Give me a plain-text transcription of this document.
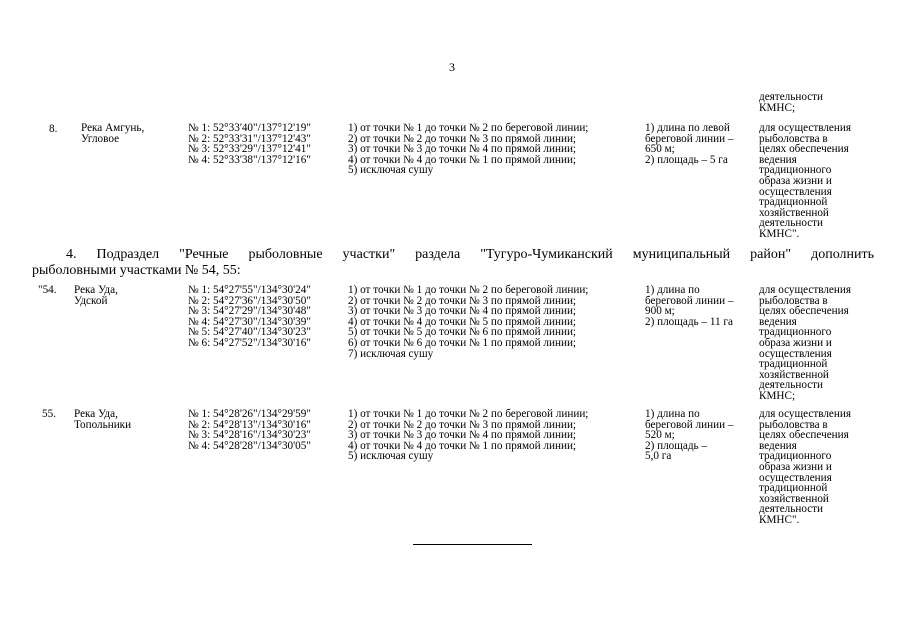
3
деятельности
КМНС;
8. Река Амгунь,
Угловое
№ 1: 52°33'40"/137°12'19"
№ 2: 52°33'31"/137°12'43"
№ 3: 52°33'29"/137°12'41"
№ 4: 52°33'38"/137°12'16"
1) от точки № 1 до точки № 2 по береговой линии;
2) от точки № 2 до точки № 3 по прямой линии;
3) от точки № 3 до точки № 4 по прямой линии;
4) от точки № 4 до точки № 1 по прямой линии;
5) исключая сушу
1) длина по левой
береговой линии –
650 м;
2) площадь – 5 га
для осуществления
рыболовства в
целях обеспечения
ведения
традиционного
образа жизни и
осуществления
традиционной
хозяйственной
деятельности
КМНС".
4. Подраздел "Речные рыболовные участки" раздела "Тугуро-Чумиканский муниципальный район" дополнить
рыболовными участками № 54, 55:
"54. Река Уда,
Удской
№ 1: 54°27'55"/134°30'24"
№ 2: 54°27'36"/134°30'50"
№ 3: 54°27'29"/134°30'48"
№ 4: 54°27'30"/134°30'39"
№ 5: 54°27'40"/134°30'23"
№ 6: 54°27'52"/134°30'16"
1) от точки № 1 до точки № 2 по береговой линии;
2) от точки № 2 до точки № 3 по прямой линии;
3) от точки № 3 до точки № 4 по прямой линии;
4) от точки № 4 до точки № 5 по прямой линии;
5) от точки № 5 до точки № 6 по прямой линии;
6) от точки № 6 до точки № 1 по прямой линии;
7) исключая сушу
1) длина по
береговой линии –
900 м;
2) площадь – 11 га
для осуществления
рыболовства в
целях обеспечения
ведения
традиционного
образа жизни и
осуществления
традиционной
хозяйственной
деятельности
КМНС;
55. Река Уда,
Топольники
№ 1: 54°28'26"/134°29'59"
№ 2: 54°28'13"/134°30'16"
№ 3: 54°28'16"/134°30'23"
№ 4: 54°28'28"/134°30'05"
1) от точки № 1 до точки № 2 по береговой линии;
2) от точки № 2 до точки № 3 по прямой линии;
3) от точки № 3 до точки № 4 по прямой линии;
4) от точки № 4 до точки № 1 по прямой линии;
5) исключая сушу
1) длина по
береговой линии –
520 м;
2) площадь –
5,0 га
для осуществления
рыболовства в
целях обеспечения
ведения
традиционного
образа жизни и
осуществления
традиционной
хозяйственной
деятельности
КМНС".
